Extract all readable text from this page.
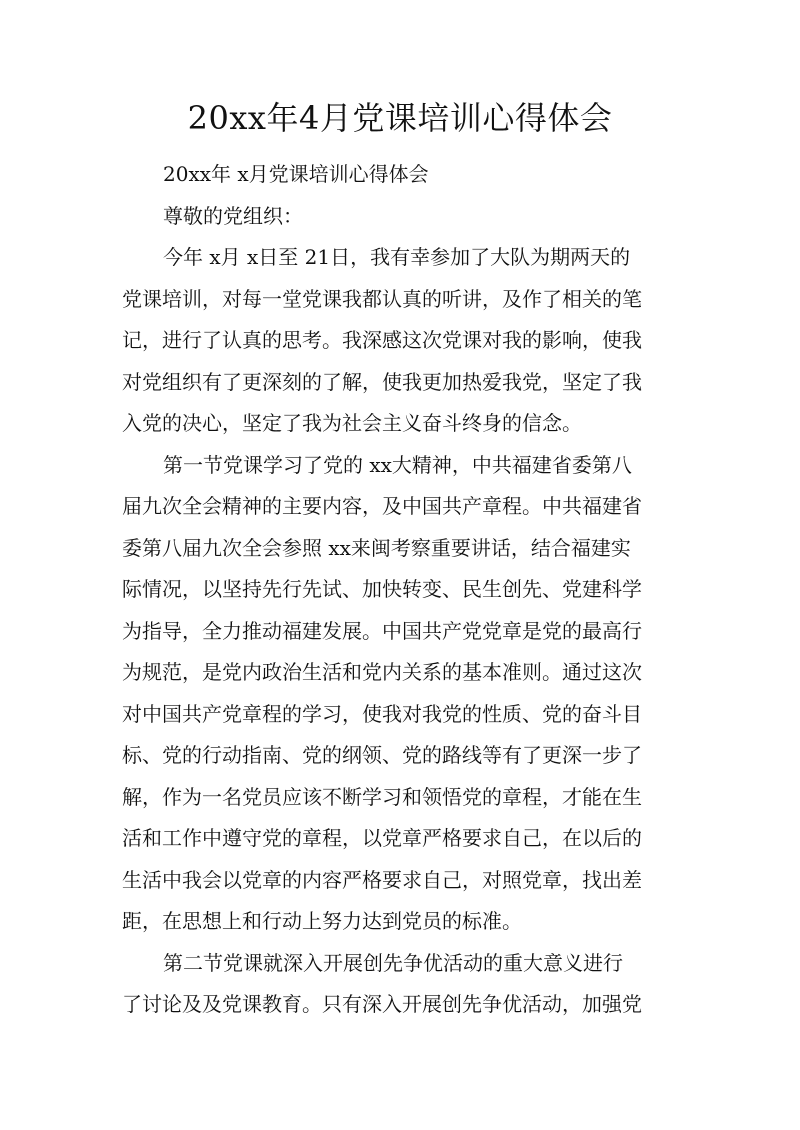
20xx年4月党课培训心得体会
20xx年 x月党课培训心得体会
尊敬的党组织：
今年 x月 x日至 21日，我有幸参加了大队为期两天的
党课培训，对每一堂党课我都认真的听讲，及作了相关的笔
记，进行了认真的思考。我深感这次党课对我的影响，使我
对党组织有了更深刻的了解，使我更加热爱我党，坚定了我
入党的决心，坚定了我为社会主义奋斗终身的信念。
第一节党课学习了党的 xx大精神，中共福建省委第八
届九次全会精神的主要内容，及中国共产章程。中共福建省
委第八届九次全会参照 xx来闽考察重要讲话，结合福建实
际情况，以坚持先行先试、加快转变、民生创先、党建科学
为指导，全力推动福建发展。中国共产党党章是党的最高行
为规范，是党内政治生活和党内关系的基本准则。通过这次
对中国共产党章程的学习，使我对我党的性质、党的奋斗目
标、党的行动指南、党的纲领、党的路线等有了更深一步了
解，作为一名党员应该不断学习和领悟党的章程，才能在生
活和工作中遵守党的章程，以党章严格要求自己，在以后的
生活中我会以党章的内容严格要求自己，对照党章，找出差
距，在思想上和行动上努力达到党员的标准。
第二节党课就深入开展创先争优活动的重大意义进行
了讨论及及党课教育。只有深入开展创先争优活动，加强党
